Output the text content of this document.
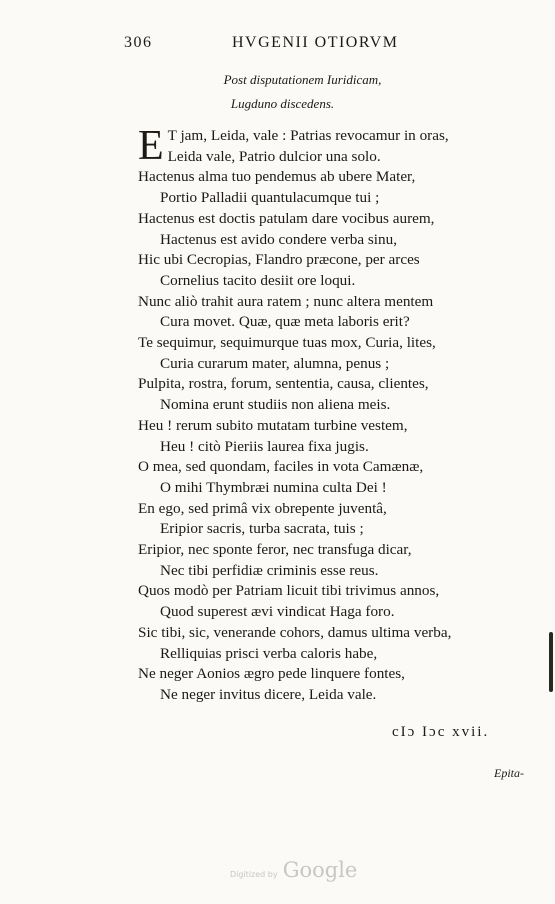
306	HVGENII OTIORVM
Post disputationem Iuridicam,
Lugduno discedens.
E T jam, Leida, vale : Patrias revocamur in oras,
Leida vale, Patrio dulcior una solo.
Hactenus alma tuo pendemus ab ubere Mater,
Portio Palladii quantulacumque tui ;
Hactenus est doctis patulam dare vocibus aurem,
Hactenus est avido condere verba sinu,
Hic ubi Cecropias, Flandro præcone, per arces
Cornelius tacito desiit ore loqui.
Nunc aliò trahit aura ratem ; nunc altera mentem
Cura movet. Quæ, quæ meta laboris erit?
Te sequimur, sequimurque tuas mox, Curia, lites,
Curia curarum mater, alumna, penus ;
Pulpita, rostra, forum, sententia, causa, clientes,
Nomina erunt studiis non aliena meis.
Heu ! rerum subito mutatam turbine vestem,
Heu ! citò Pieriis laurea fixa jugis.
O mea, sed quondam, faciles in vota Camænæ,
O mihi Thymbræi numina culta Dei !
En ego, sed primâ vix obrepente juventâ,
Eripior sacris, turba sacrata, tuis ;
Eripior, nec sponte feror, nec transfuga dicar,
Nec tibi perfidiæ criminis esse reus.
Quos modò per Patriam licuit tibi trivimus annos,
Quod superest ævi vindicat Haga foro.
Sic tibi, sic, venerande cohors, damus ultima verba,
Relliquias prisci verba caloris habe,
Ne neger Aonios ægro pede linquere fontes,
Ne neger invitus dicere, Leida vale.
cIɔ Iɔc xvii.
Epita-
Digitized by Google
